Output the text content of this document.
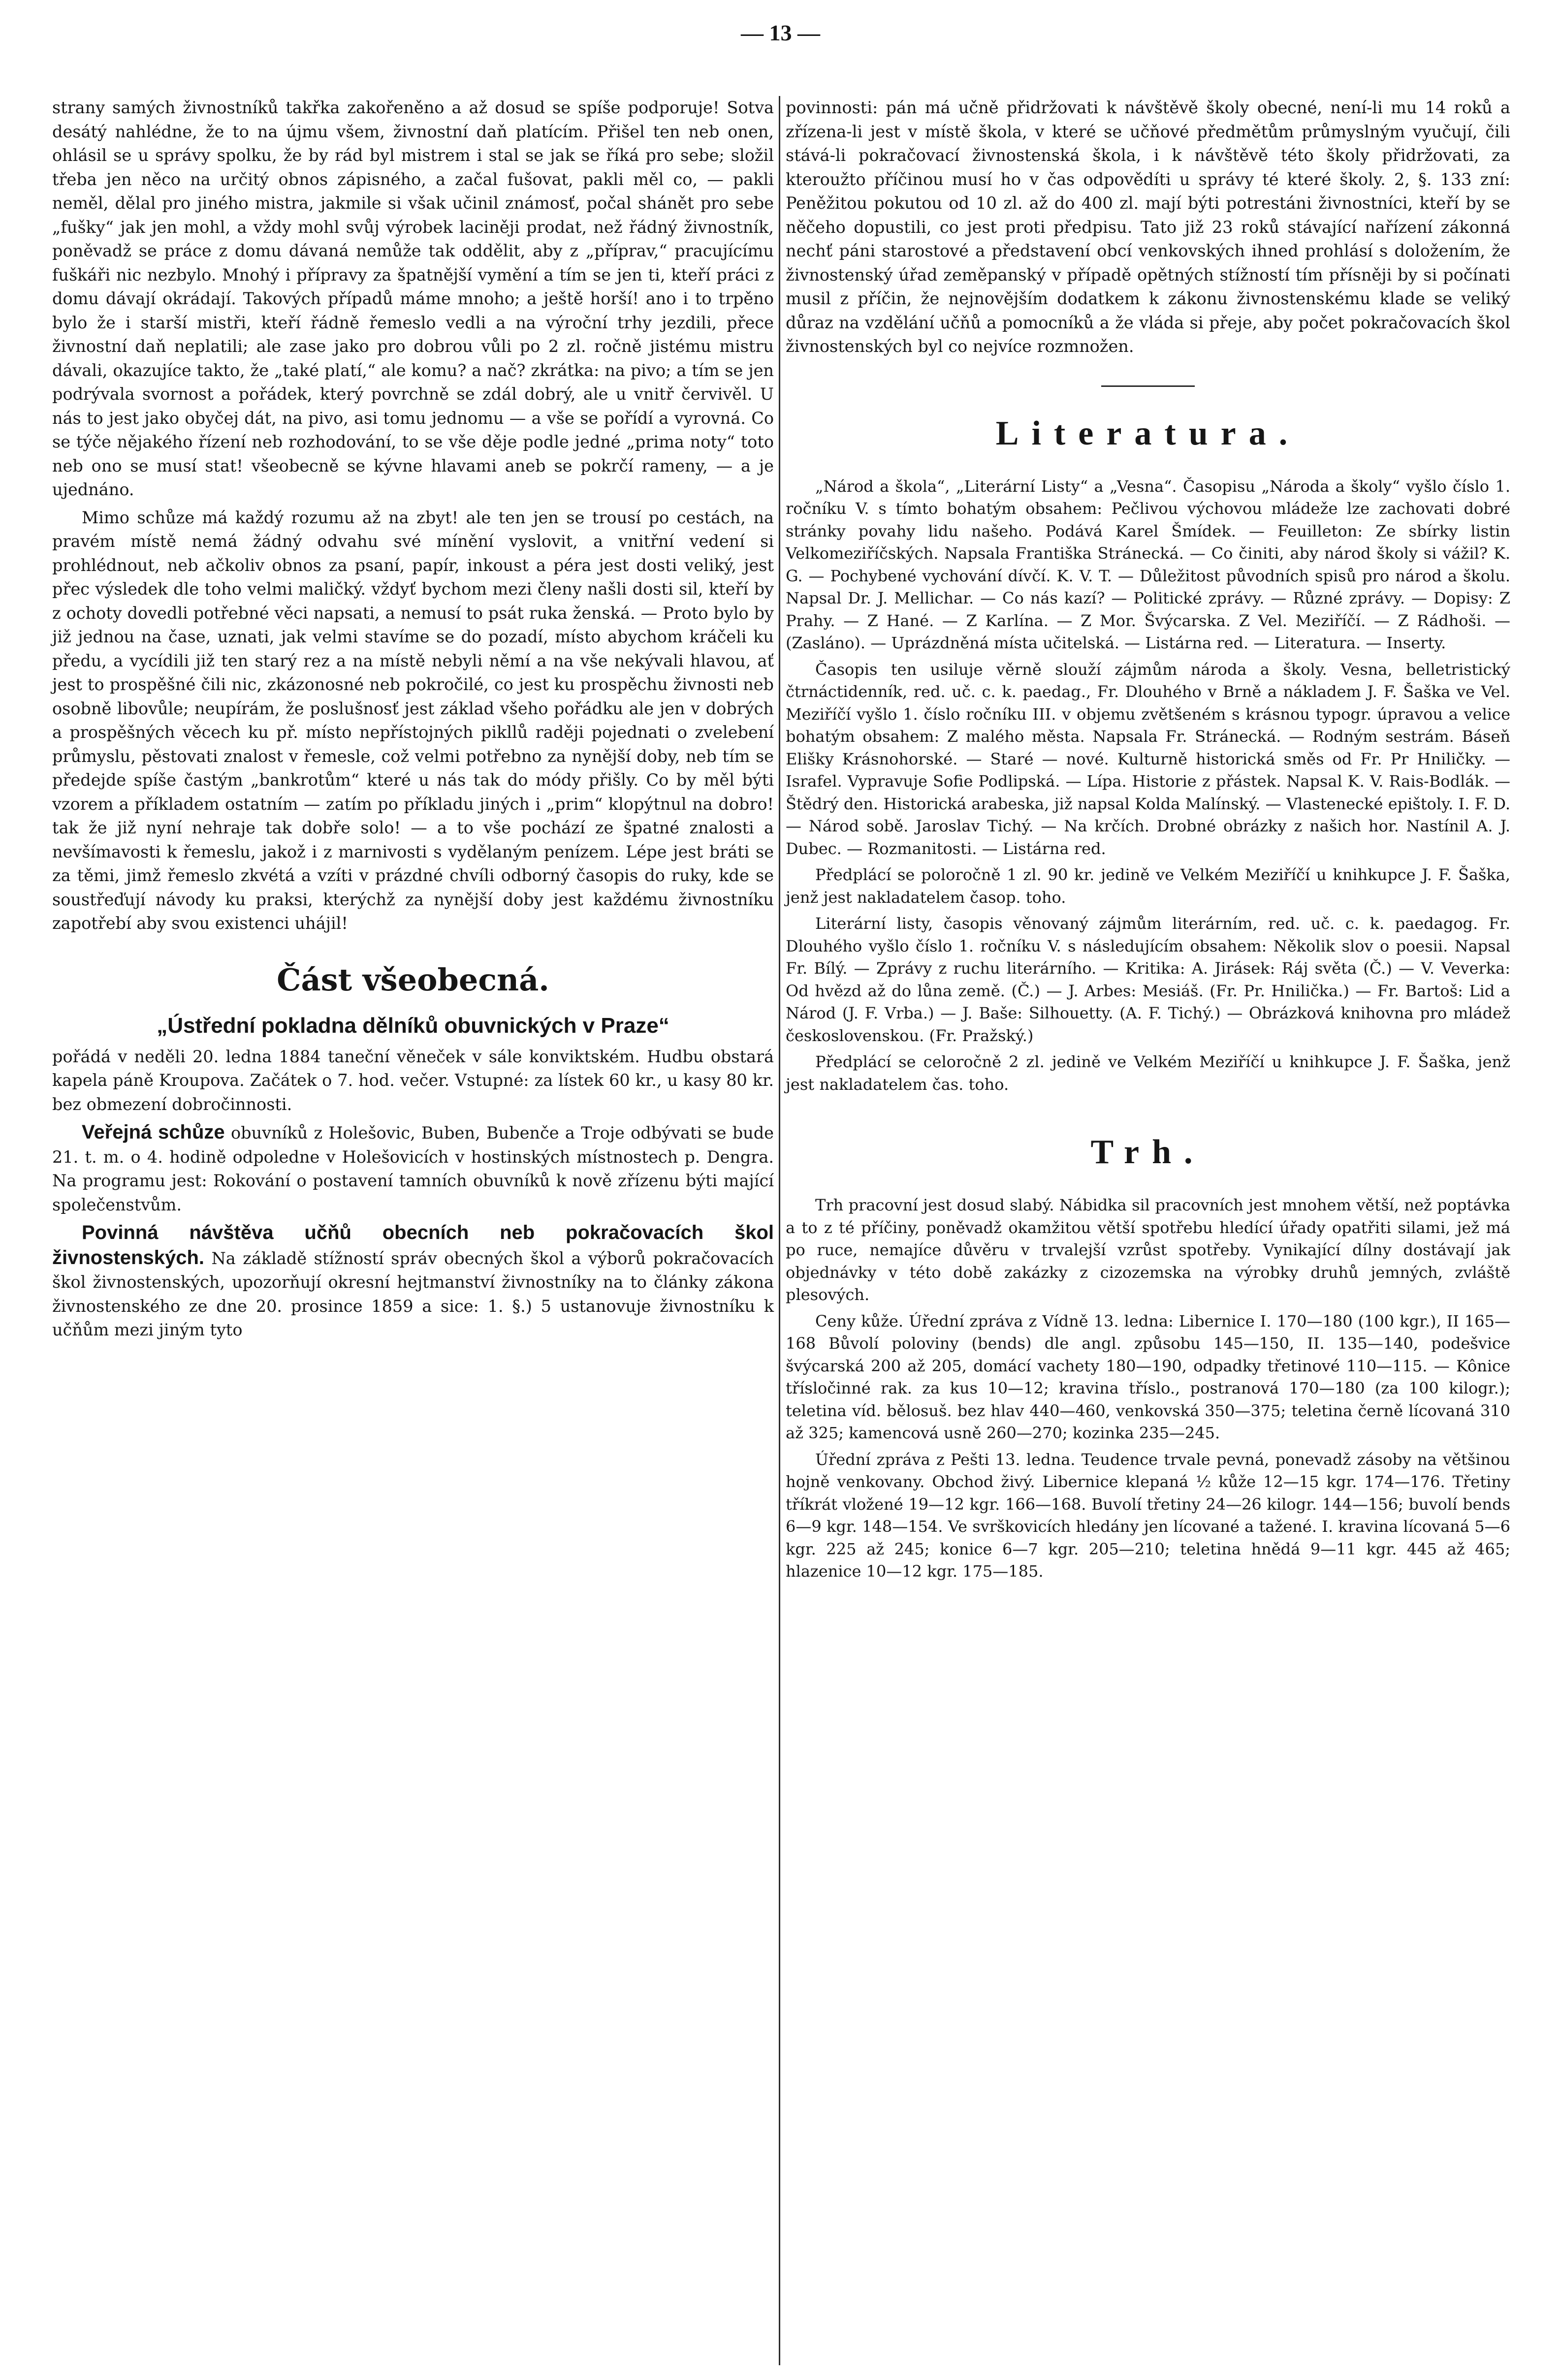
— 13 —

strany samých živnostníků takřka zakořeněno a až dosud se spíše podporuje! Sotva desátý nahlédne, že to na újmu všem, živnostní daň platícím. Přišel ten neb onen, ohlásil se u správy spolku, že by rád byl mistrem i stal se jak se říká pro sebe; složil třeba jen něco na určitý obnos zápisného, a začal fušovat, pakli měl co, — pakli neměl, dělal pro jiného mistra, jakmile si však učinil známosť, počal shánět pro sebe „fušky“ jak jen mohl, a vždy mohl svůj výrobek laciněji prodat, než řádný živnostník, poněvadž se práce z domu dávaná nemůže tak oddělit, aby z „příprav,“ pracujícímu fuškáři nic nezbylo. Mnohý i přípravy za špatnější vymění a tím se jen ti, kteří práci z domu dávají okrádají. Takových případů máme mnoho; a ještě horší! ano i to trpěno bylo že i starší mistři, kteří řádně řemeslo vedli a na výroční trhy jezdili, přece živnostní daň neplatili; ale zase jako pro dobrou vůli po 2 zl. ročně jistému mistru dávali, okazujíce takto, že „také platí,“ ale komu? a nač? zkrátka: na pivo; a tím se jen podrývala svornost a pořádek, který povrchně se zdál dobrý, ale u vnitř červivěl. U nás to jest jako obyčej dát, na pivo, asi tomu jednomu — a vše se pořídí a vyrovná. Co se týče nějakého řízení neb rozhodování, to se vše děje podle jedné „prima noty“ toto neb ono se musí stat! všeobecně se kývne hlavami aneb se pokrčí rameny, — a je ujednáno.

Mimo schůze má každý rozumu až na zbyt! ale ten jen se trousí po cestách, na pravém místě nemá žádný odvahu své mínění vyslovit, a vnitřní vedení si prohlédnout, neb ačkoliv obnos za psaní, papír, inkoust a péra jest dosti veliký, jest přec výsledek dle toho velmi maličký. vždyť bychom mezi členy našli dosti sil, kteří by z ochoty dovedli potřebné věci napsati, a nemusí to psát ruka ženská. — Proto bylo by již jednou na čase, uznati, jak velmi stavíme se do pozadí, místo abychom kráčeli ku předu, a vycídili již ten starý rez a na místě nebyli němí a na vše nekývali hlavou, ať jest to prospěšné čili nic, zkázonosné neb pokročilé, co jest ku prospěchu živnosti neb osobně libovůle; neupírám, že poslušnosť jest základ všeho pořádku ale jen v dobrých a prospěšných věcech ku př. místo nepřístojných pikllů raději pojednati o zvelebení průmyslu, pěstovati znalost v řemesle, což velmi potřebno za nynější doby, neb tím se předejde spíše častým „bankrotům“ které u nás tak do módy přišly. Co by měl býti vzorem a příkladem ostatním — zatím po příkladu jiných i „prim“ klopýtnul na dobro! tak že již nyní nehraje tak dobře solo! — a to vše pochází ze špatné znalosti a nevšímavosti k řemeslu, jakož i z marnivosti s vydělaným penízem. Lépe jest bráti se za těmi, jimž řemeslo zkvétá a vzíti v prázdné chvíli odborný časopis do ruky, kde se soustřeďují návody ku praksi, kterýchž za nynější doby jest každému živnostníku zapotřebí aby svou existenci uhájil!

Část všeobecná.
„Ústřední pokladna dělníků obuvnických v Praze“

pořádá v neděli 20. ledna 1884 taneční věneček v sále konviktském. Hudbu obstará kapela páně Kroupova. Začátek o 7. hod. večer. Vstupné: za lístek 60 kr., u kasy 80 kr. bez obmezení dobročinnosti.

Veřejná schůze obuvníků z Holešovic, Buben, Bubenče a Troje odbývati se bude 21. t. m. o 4. hodině odpoledne v Holešovicích v hostinských místnostech p. Dengra. Na programu jest: Rokování o postavení tamních obuvníků k nově zřízenu býti mající společenstvům.

Povinná návštěva učňů obecních neb pokračovacích škol živnostenských. Na základě stížností správ obecných škol a výborů pokračovacích škol živnostenských, upozorňují okresní hejtmanství živnostníky na to články zákona živnostenského ze dne 20. prosince 1859 a sice: 1. §.) 5 ustanovuje živnostníku k učňům mezi jiným tyto

povinnosti: pán má učně přidržovati k návštěvě školy obecné, není-li mu 14 roků a zřízena-li jest v místě škola, v které se učňové předmětům průmyslným vyučují, čili stává-li pokračovací živnostenská škola, i k návštěvě této školy přidržovati, za kteroužto příčinou musí ho v čas odpovědíti u správy té které školy. 2, §. 133 zní: Peněžitou pokutou od 10 zl. až do 400 zl. mají býti potrestáni živnostníci, kteří by se něčeho dopustili, co jest proti předpisu. Tato již 23 roků stávající nařízení zákonná nechť páni starostové a představení obcí venkovských ihned prohlásí s doložením, že živnostenský úřad zeměpanský v případě opětných stížností tím přísněji by si počínati musil z příčin, že nejnovějším dodatkem k zákonu živnostenskému klade se veliký důraz na vzdělání učňů a pomocníků a že vláda si přeje, aby počet pokračovacích škol živnostenských byl co nejvíce rozmnožen.

Literatura.

„Národ a škola“, „Literární Listy“ a „Vesna“. Časopisu „Národa a školy“ vyšlo číslo 1. ročníku V. s tímto bohatým obsahem: Pečlivou výchovou mládeže lze zachovati dobré stránky povahy lidu našeho. Podává Karel Šmídek. — Feuilleton: Ze sbírky listin Velkomeziříčských. Napsala Františka Stránecká. — Co činiti, aby národ školy si vážil? K. G. — Pochybené vychování dívčí. K. V. T. — Důležitost původních spisů pro národ a školu. Napsal Dr. J. Mellichar. — Co nás kazí? — Politické zprávy. — Různé zprávy. — Dopisy: Z Prahy. — Z Hané. — Z Karlína. — Z Mor. Švýcarska. Z Vel. Meziříčí. — Z Rádhoši. — (Zasláno). — Uprázdněná místa učitelská. — Listárna red. — Literatura. — Inserty.

Časopis ten usiluje věrně slouží zájmům národa a školy. Vesna, belletristický čtrnáctidenník, red. uč. c. k. paedag., Fr. Dlouhého v Brně a nákladem J. F. Šaška ve Vel. Meziříčí vyšlo 1. číslo ročníku III. v objemu zvětšeném s krásnou typogr. úpravou a velice bohatým obsahem: Z malého města. Napsala Fr. Stránecká. — Rodným sestrám. Báseň Elišky Krásnohorské. — Staré — nové. Kulturně historická směs od Fr. Pr Hniličky. — Israfel. Vypravuje Sofie Podlipská. — Lípa. Historie z přástek. Napsal K. V. Rais-Bodlák. — Štědrý den. Historická arabeska, již napsal Kolda Malínský. — Vlastenecké epištoly. I. F. D. — Národ sobě. Jaroslav Tichý. — Na krčích. Drobné obrázky z našich hor. Nastínil A. J. Dubec. — Rozmanitosti. — Listárna red.

Předplácí se poloročně 1 zl. 90 kr. jedině ve Velkém Meziříčí u knihkupce J. F. Šaška, jenž jest nakladatelem časop. toho.

Literární listy, časopis věnovaný zájmům literárním, red. uč. c. k. paedagog. Fr. Dlouhého vyšlo číslo 1. ročníku V. s následujícím obsahem: Několik slov o poesii. Napsal Fr. Bílý. — Zprávy z ruchu literárního. — Kritika: A. Jirásek: Ráj světa (Č.) — V. Veverka: Od hvězd až do lůna země. (Č.) — J. Arbes: Mesiáš. (Fr. Pr. Hnilička.) — Fr. Bartoš: Lid a Národ (J. F. Vrba.) — J. Baše: Silhouetty. (A. F. Tichý.) — Obrázková knihovna pro mládež československou. (Fr. Pražský.)

Předplácí se celoročně 2 zl. jedině ve Velkém Meziříčí u knihkupce J. F. Šaška, jenž jest nakladatelem čas. toho.

Trh.

Trh pracovní jest dosud slabý. Nábidka sil pracovních jest mnohem větší, než poptávka a to z té příčiny, poněvadž okamžitou větší spotřebu hledící úřady opatřiti silami, jež má po ruce, nemajíce důvěru v trvalejší vzrůst spotřeby. Vynikající dílny dostávají jak objednávky v této době zakázky z cizozemska na výrobky druhů jemných, zvláště plesových.

Ceny kůže. Úřední zpráva z Vídně 13. ledna: Libernice I. 170—180 (100 kgr.), II 165—168 Bůvolí poloviny (bends) dle angl. způsobu 145—150, II. 135—140, podešvice švýcarská 200 až 205, domácí vachety 180—190, odpadky třetinové 110—115. — Kônice třísločinné rak. za kus 10—12; kravina tříslo., postranová 170—180 (za 100 kilogr.); teletina víd. bělosuš. bez hlav 440—460, venkovská 350—375; teletina černě lícovaná 310 až 325; kamencová usně 260—270; kozinka 235—245.

Úřední zpráva z Pešti 13. ledna. Teudence trvale pevná, ponevadž zásoby na většinou hojně venkovany. Obchod živý. Libernice klepaná ½ kůže 12—15 kgr. 174—176. Třetiny tříkrát vložené 19—12 kgr. 166—168. Buvolí třetiny 24—26 kilogr. 144—156; buvolí bends 6—9 kgr. 148—154. Ve svrškovicích hledány jen lícované a tažené. I. kravina lícovaná 5—6 kgr. 225 až 245; konice 6—7 kgr. 205—210; teletina hnědá 9—11 kgr. 445 až 465; hlazenice 10—12 kgr. 175—185.
